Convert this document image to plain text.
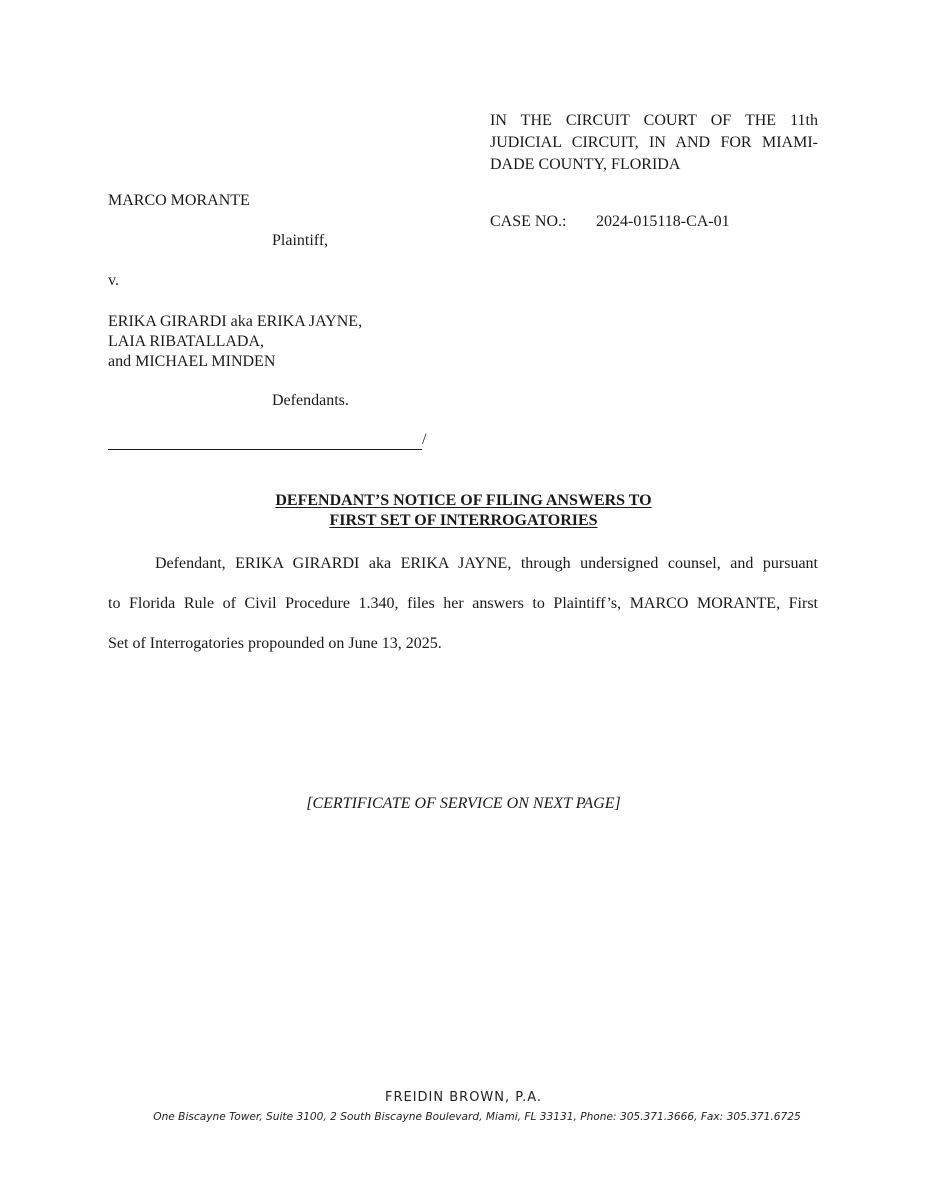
IN THE CIRCUIT COURT OF THE 11th
JUDICIAL CIRCUIT, IN AND FOR MIAMI-
DADE COUNTY, FLORIDA
CASE NO.: 2024-015118-CA-01
MARCO MORANTE
Plaintiff,
v.
ERIKA GIRARDI aka ERIKA JAYNE,
LAIA RIBATALLADA,
and MICHAEL MINDEN
Defendants.
/
DEFENDANT’S NOTICE OF FILING ANSWERS TO
FIRST SET OF INTERROGATORIES
Defendant, ERIKA GIRARDI aka ERIKA JAYNE, through undersigned counsel, and pursuant
to Florida Rule of Civil Procedure 1.340, files her answers to Plaintiff’s, MARCO MORANTE, First
Set of Interrogatories propounded on June 13, 2025.
[CERTIFICATE OF SERVICE ON NEXT PAGE]
FREIDIN BROWN, P.A.
One Biscayne Tower, Suite 3100, 2 South Biscayne Boulevard, Miami, FL 33131, Phone: 305.371.3666, Fax: 305.371.6725
